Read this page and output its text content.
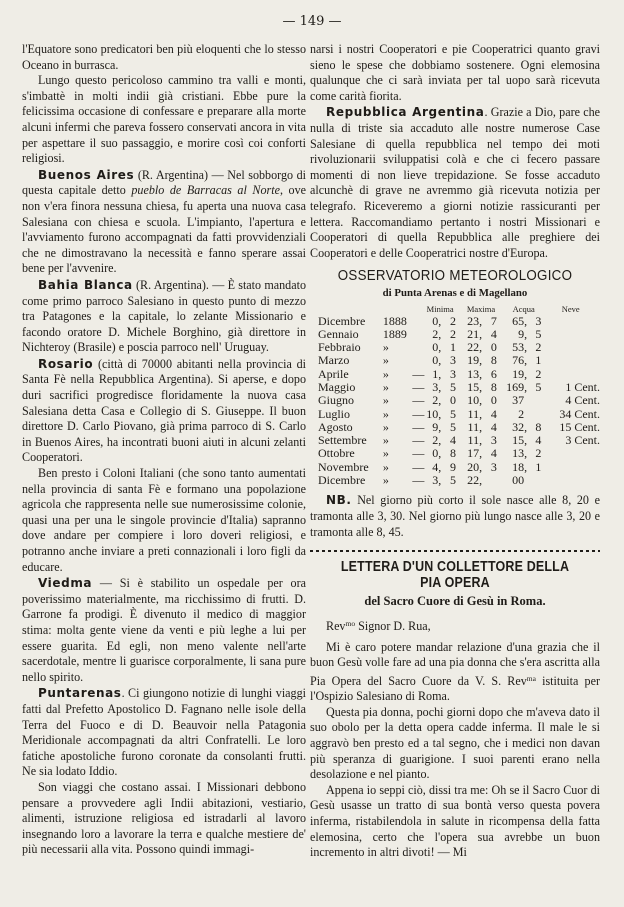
— 149 —

l'Equatore sono predicatori ben più eloquenti che lo stesso Oceano in burrasca.

Lungo questo pericoloso cammino tra valli e monti, s'imbattè in molti indii già cristiani. Ebbe pure la felicissima occasione di confessare e preparare alla morte alcuni infermi che pareva fossero conservati ancora in vita per aspettare il suo passaggio, e morire così coi conforti religiosi.

Buenos Aires (R. Argentina) — Nel sobborgo di questa capitale detto pueblo de Barracas al Norte, ove non v'era finora nessuna chiesa, fu aperta una nuova casa Salesiana con chiesa e scuola. L'impianto, l'apertura e l'avviamento furono accompagnati da fatti provvidenziali che ne dimostravano la necessità e fanno sperare assai bene per l'avvenire.

Bahia Blanca (R. Argentina). — È stato mandato come primo parroco Salesiano in questo punto di mezzo tra Patagones e la capitale, lo zelante Missionario e facondo oratore D. Michele Borghino, già direttore in Nichteroy (Brasile) e poscia parroco nell' Uruguay.

Rosario (città di 70000 abitanti nella provincia di Santa Fè nella Repubblica Argentina). Si aperse, e dopo duri sacrifici progredisce floridamente la nuova casa Salesiana detta Casa e Collegio di S. Giuseppe. Il buon direttore D. Carlo Piovano, già prima parroco di S. Carlo in Buenos Aires, ha incontrati buoni aiuti in alcuni zelanti Cooperatori.

Ben presto i Coloni Italiani (che sono tanto aumentati nella provincia di santa Fè e formano una popolazione agricola che rappresenta nelle sue numerosissime colonie, quasi una per una le singole provincie d'Italia) sapranno dove andare per compiere i loro doveri religiosi, e potranno anche inviare a preti connazionali i loro figli da educare.

Viedma — Si è stabilito un ospedale per ora poverissimo materialmente, ma ricchissimo di frutti. D. Garrone fa prodigi. È divenuto il medico di maggior stima: molta gente viene da venti e più leghe a lui per essere guarita. Ed egli, non meno valente nell'arte sacerdotale, mentre li guarisce corporalmente, li sana pure nello spirito.

Puntarenas. Ci giungono notizie di lunghi viaggi fatti dal Prefetto Apostolico D. Fagnano nelle isole della Terra del Fuoco e di D. Beauvoir nella Patagonia Meridionale accompagnati da altri Confratelli. Le loro fatiche apostoliche furono coronate da consolanti frutti. Ne sia lodato Iddio.

Son viaggi che costano assai. I Missionari debbono pensare a provvedere agli Indii abitazioni, vestiario, alimenti, istruzione religiosa ed istradarli al lavoro insegnando loro a lavorare la terra e qualche mestiere de' più necessarii alla vita. Possono quindi immagi-

narsi i nostri Cooperatori e pie Cooperatrici quanto gravi sieno le spese che dobbiamo sostenere. Ogni elemosina qualunque che ci sarà inviata per tal uopo sarà ricevuta come carità fiorita.

Repubblica Argentina. Grazie a Dio, pare che nulla di triste sia accaduto alle nostre numerose Case Salesiane di quella repubblica nel tempo dei moti rivoluzionarii sviluppatisi colà e che ci fecero passare momenti di non lieve trepidazione. Se fosse accaduto alcunchè di grave ne avremmo già ricevuta notizia per telegrafo. Riceveremo a giorni notizie rassicuranti per lettera. Raccomandiamo pertanto i nostri Missionari e Cooperatori di quella Repubblica alle preghiere dei Cooperatori e delle Cooperatrici nostre d'Europa.

OSSERVATORIO METEOROLOGICO
di Punta Arenas e di Magellano
			Minima				Maxima				Acqua			Neve
Dicembre	1888		0	,	2		23	,	7		65	,	3	
Gennaio	1889		2	,	2		21	,	4		9	,	5	
Febbraio	»		0	,	1		22	,	0		53	,	2	
Marzo	»		0	,	3		19	,	8		76	,	1	
Aprile	»	—	1	,	3		13	,	6		19	,	2	
Maggio	»	—	3	,	5		15	,	8		169	,	5	1 Cent.
Giugno	»	—	2	,	0		10	,	0		37			4 Cent.
Luglio	»	—	10	,	5		11	,	4		2			34 Cent.
Agosto	»	—	9	,	5		11	,	4		32	,	8	15 Cent.
Settembre	»	—	2	,	4		11	,	3		15	,	4	3 Cent.
Ottobre	»	—	0	,	8		17	,	4		13	,	2	
Novembre	»	—	4	,	9		20	,	3		18	,	1	
Dicembre	»	—	3	,	5		22	,			00			

NB. Nel giorno più corto il sole nasce alle 8, 20 e tramonta alle 3, 30. Nel giorno più lungo nasce alle 3, 20 e tramonta alle 8, 45.

LETTERA D'UN COLLETTORE DELLA PIA OPERA
del Sacro Cuore di Gesù in Roma.

Rev$^{mo}$ Signor D. Rua,

Mi è caro potere mandar relazione d'una grazia che il buon Gesù volle fare ad una pia donna che s'era ascritta alla Pia Opera del Sacro Cuore da V. S. Rev$^{ma}$ istituita per l'Ospizio Salesiano di Roma.

Questa pia donna, pochi giorni dopo che m'aveva dato il suo obolo per la detta opera cadde inferma. Il male le si aggravò ben presto ed a tal segno, che i medici non davan più speranza di guarigione. I suoi parenti erano nella desolazione e nel pianto.

Appena io seppi ciò, dissi tra me: Oh se il Sacro Cuor di Gesù usasse un tratto di sua bontà verso questa povera inferma, ristabilendola in salute in ricompensa della fatta elemosina, certo che l'opera sua avrebbe un buon incremento in altri divoti! — Mi
